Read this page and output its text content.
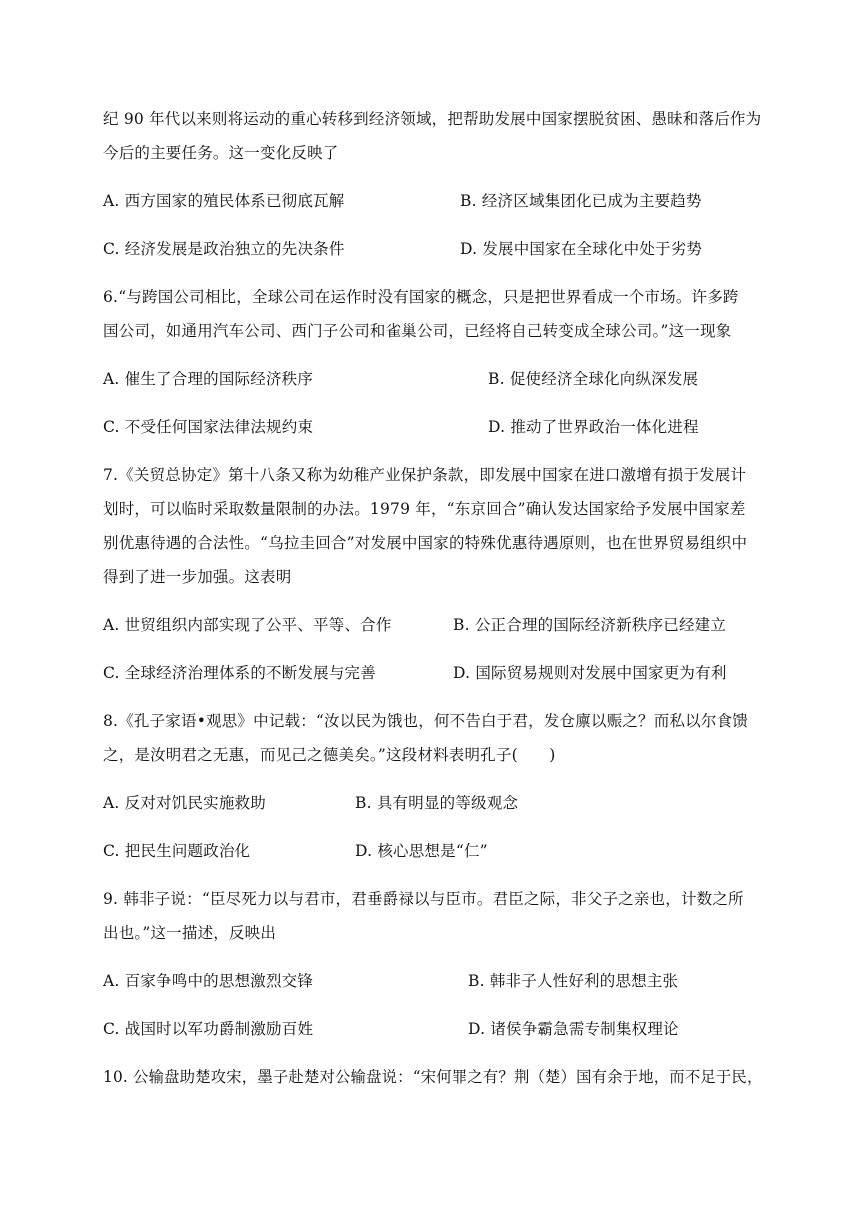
纪 90 年代以来则将运动的重心转移到经济领域，把帮助发展中国家摆脱贫困、愚昧和落后作为
今后的主要任务。这一变化反映了
A. 西方国家的殖民体系已彻底瓦解	B. 经济区域集团化已成为主要趋势
C. 经济发展是政治独立的先决条件	D. 发展中国家在全球化中处于劣势
6.“与跨国公司相比，全球公司在运作时没有国家的概念，只是把世界看成一个市场。许多跨
国公司，如通用汽车公司、西门子公司和雀巢公司，已经将自己转变成全球公司。”这一现象
A. 催生了合理的国际经济秩序	B. 促使经济全球化向纵深发展
C. 不受任何国家法律法规约束	D. 推动了世界政治一体化进程
7.《关贸总协定》第十八条又称为幼稚产业保护条款，即发展中国家在进口激增有损于发展计
划时，可以临时采取数量限制的办法。1979 年，“东京回合”确认发达国家给予发展中国家差
别优惠待遇的合法性。“乌拉圭回合”对发展中国家的特殊优惠待遇原则，也在世界贸易组织中
得到了进一步加强。这表明
A. 世贸组织内部实现了公平、平等、合作	B. 公正合理的国际经济新秩序已经建立
C. 全球经济治理体系的不断发展与完善	D. 国际贸易规则对发展中国家更为有利
8.《孔子家语•观思》中记载：“汝以民为饿也，何不告白于君，发仓廪以赈之？而私以尔食馈
之，是汝明君之无惠，而见己之德美矣。”这段材料表明孔子(　　)
A. 反对对饥民实施救助	B. 具有明显的等级观念
C. 把民生问题政治化	D. 核心思想是“仁”
9. 韩非子说：“臣尽死力以与君市，君垂爵禄以与臣市。君臣之际，非父子之亲也，计数之所
出也。”这一描述，反映出
A. 百家争鸣中的思想激烈交锋	B. 韩非子人性好利的思想主张
C. 战国时以军功爵制激励百姓	D. 诸侯争霸急需专制集权理论
10. 公输盘助楚攻宋，墨子赴楚对公输盘说：“宋何罪之有？荆（楚）国有余于地，而不足于民，
